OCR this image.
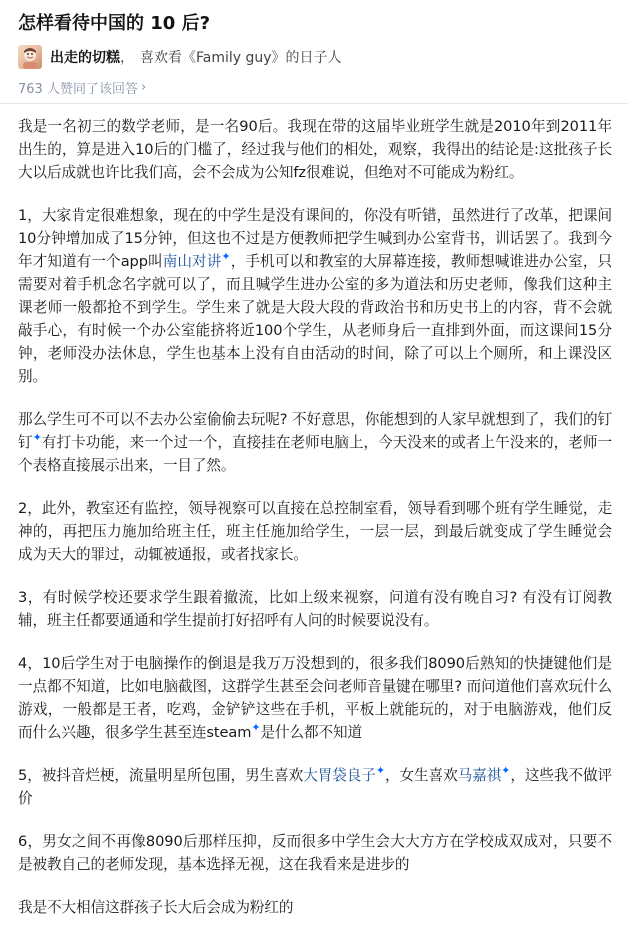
怎样看待中国的 10 后?
出走的切糕 ， 喜欢看《Family guy》的日子人
763 人赞同了该回答 ›

我是一名初三的数学老师，是一名90后。我现在带的这届毕业班学生就是2010年到2011年出生的，算是进入10后的门槛了，经过我与他们的相处，观察，我得出的结论是:这批孩子长大以后成就也许比我们高，会不会成为公知fz很难说，但绝对不可能成为粉红。

1，大家肯定很难想象，现在的中学生是没有课间的，你没有听错，虽然进行了改革，把课间10分钟增加成了15分钟，但这也不过是方便教师把学生喊到办公室背书，训话罢了。我到今年才知道有一个app叫南山对讲✦，手机可以和教室的大屏幕连接，教师想喊谁进办公室，只需要对着手机念名字就可以了，而且喊学生进办公室的多为道法和历史老师，像我们这种主课老师一般都抢不到学生。学生来了就是大段大段的背政治书和历史书上的内容，背不会就敲手心，有时候一个办公室能挤将近100个学生，从老师身后一直排到外面，而这课间15分钟，老师没办法休息，学生也基本上没有自由活动的时间，除了可以上个厕所，和上课没区别。

那么学生可不可以不去办公室偷偷去玩呢? 不好意思，你能想到的人家早就想到了，我们的钉钉✦有打卡功能，来一个过一个，直接挂在老师电脑上，今天没来的或者上午没来的，老师一个表格直接展示出来，一目了然。

2，此外，教室还有监控，领导视察可以直接在总控制室看，领导看到哪个班有学生睡觉，走神的，再把压力施加给班主任，班主任施加给学生，一层一层，到最后就变成了学生睡觉会成为天大的罪过，动辄被通报，或者找家长。

3，有时候学校还要求学生跟着撤流，比如上级来视察，问道有没有晚自习? 有没有订阅教辅，班主任都要通通和学生提前打好招呼有人问的时候要说没有。

4，10后学生对于电脑操作的倒退是我万万没想到的，很多我们8090后熟知的快捷键他们是一点都不知道，比如电脑截图，这群学生甚至会问老师音量键在哪里? 而问道他们喜欢玩什么游戏，一般都是王者，吃鸡，金铲铲这些在手机，平板上就能玩的，对于电脑游戏，他们反而什么兴趣，很多学生甚至连steam✦是什么都不知道

5，被抖音烂梗，流量明星所包围，男生喜欢大胃袋良子✦，女生喜欢马嘉祺✦，这些我不做评价

6，男女之间不再像8090后那样压抑，反而很多中学生会大大方方在学校成双成对，只要不是被教自己的老师发现，基本选择无视，这在我看来是进步的

我是不大相信这群孩子长大后会成为粉红的
